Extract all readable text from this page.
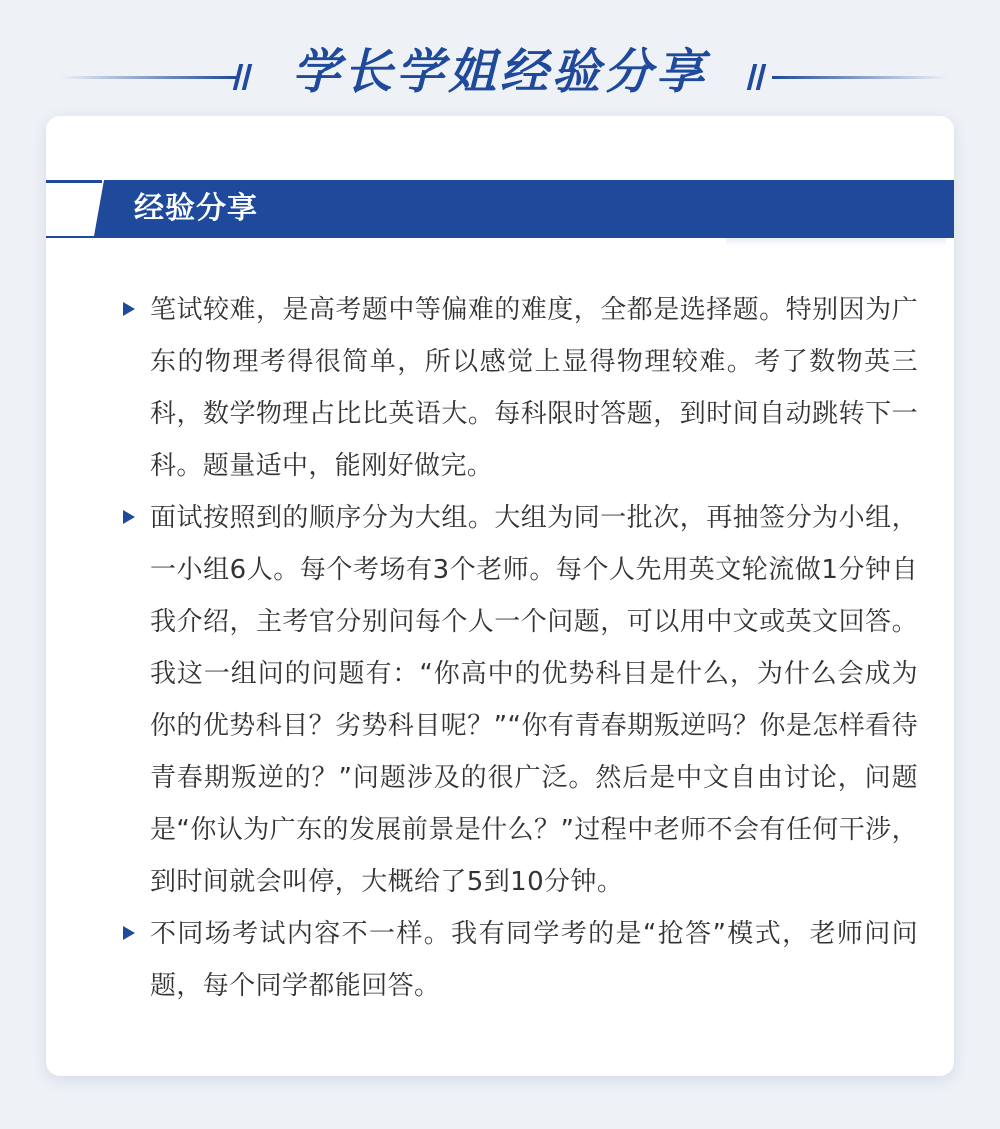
学长学姐经验分享
经验分享
笔试较难，是高考题中等偏难的难度，全都是选择题。特别因为广东的物理考得很简单，所以感觉上显得物理较难。考了数物英三科，数学物理占比比英语大。每科限时答题，到时间自动跳转下一科。题量适中，能刚好做完。
面试按照到的顺序分为大组。大组为同一批次，再抽签分为小组，一小组6人。每个考场有3个老师。每个人先用英文轮流做1分钟自我介绍，主考官分别问每个人一个问题，可以用中文或英文回答。我这一组问的问题有：“你高中的优势科目是什么，为什么会成为你的优势科目？劣势科目呢？”“你有青春期叛逆吗？你是怎样看待青春期叛逆的？”问题涉及的很广泛。然后是中文自由讨论，问题是“你认为广东的发展前景是什么？”过程中老师不会有任何干涉，到时间就会叫停，大概给了5到10分钟。
不同场考试内容不一样。我有同学考的是“抢答”模式，老师问问题，每个同学都能回答。
